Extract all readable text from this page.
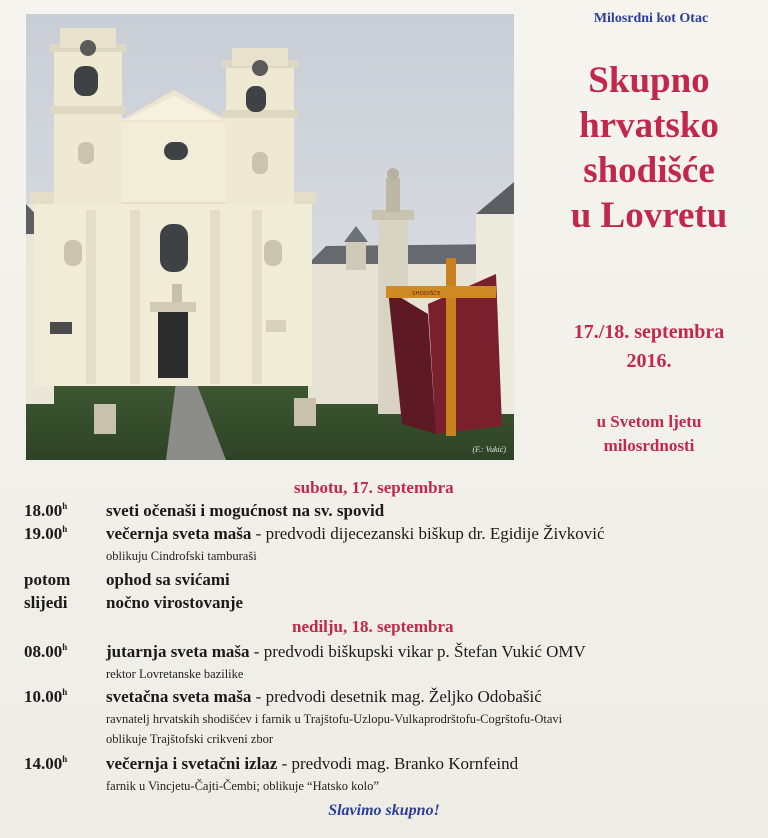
SHODIŠĆE
(F.: Vukić)
Milosrdni kot Otac
Skupno
hrvatsko
shodišće
u Lovretu
17./18. septembra
2016.
u Svetom ljetu
milosrdnosti
subotu, 17. septembra
18.00$^h$ sveti očenaši i mogućnost na sv. spovid
19.00$^h$ večernja sveta maša - predvodi dijecezanski biškup dr. Egidije Živković
oblikuju Cindrofski tamburaši
potom ophod sa svićami
slijedi nočno virostovanje
nedilju, 18. septembra
08.00$^h$ jutarnja sveta maša - predvodi biškupski vikar p. Štefan Vukić OMV
rektor Lovretanske bazilike
10.00$^h$ svetačna sveta maša - predvodi desetnik mag. Željko Odobašić
ravnatelj hrvatskih shodišćev i farnik u Trajštofu-Uzlopu-Vulkaprodrštofu-Cogrštofu-Otavi
oblikuje Trajštofski crikveni zbor
14.00$^h$ večernja i svetačni izlaz - predvodi mag. Branko Kornfeind
farnik u Vincjetu-Čajti-Čembi; oblikuje “Hatsko kolo”
Slavimo skupno!
